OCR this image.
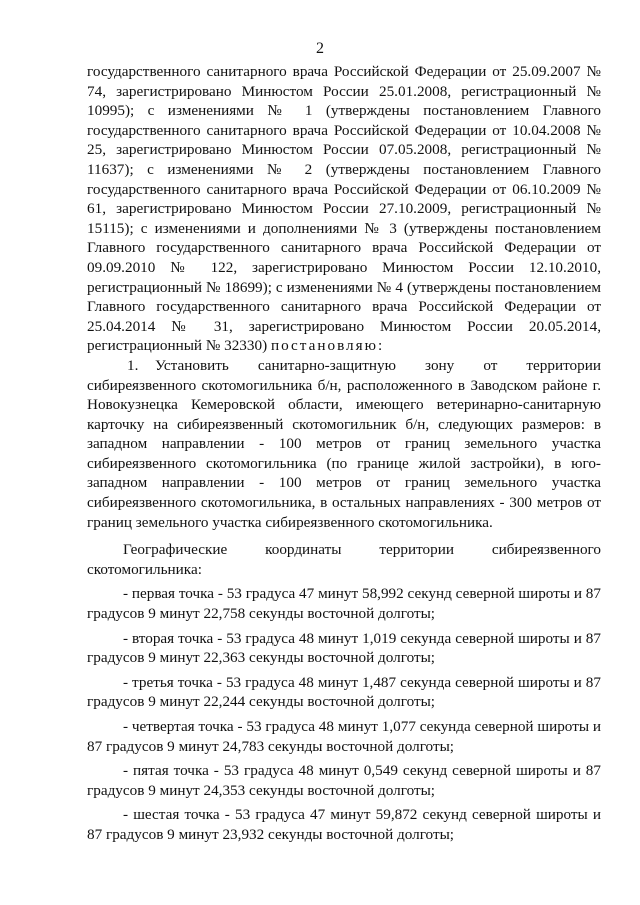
2

государственного санитарного врача Российской Федерации от 25.09.2007 № 74, зарегистрировано Минюстом России 25.01.2008, регистрационный № 10995); с изменениями № 1 (утверждены постановлением Главного государственного санитарного врача Российской Федерации от 10.04.2008 № 25, зарегистрировано Минюстом России 07.05.2008, регистрационный № 11637); с изменениями № 2 (утверждены постановлением Главного государственного санитарного врача Российской Федерации от 06.10.2009 № 61, зарегистрировано Минюстом России 27.10.2009, регистрационный № 15115); с изменениями и дополнениями № 3 (утверждены постановлением Главного государственного санитарного врача Российской Федерации от 09.09.2010 № 122, зарегистрировано Минюстом России 12.10.2010, регистрационный № 18699); с изменениями № 4 (утверждены постановлением Главного государственного санитарного врача Российской Федерации от 25.04.2014 № 31, зарегистрировано Минюстом России 20.05.2014, регистрационный № 32330) постановляю:

1. Установить санитарно-защитную зону от территории сибиреязвенного скотомогильника б/н, расположенного в Заводском районе г. Новокузнецка Кемеровской области, имеющего ветеринарно-санитарную карточку на сибиреязвенный скотомогильник б/н, следующих размеров: в западном направлении - 100 метров от границ земельного участка сибиреязвенного скотомогильника (по границе жилой застройки), в юго-западном направлении - 100 метров от границ земельного участка сибиреязвенного скотомогильника, в остальных направлениях - 300 метров от границ земельного участка сибиреязвенного скотомогильника.

Географические координаты территории сибиреязвенного скотомогильника:

- первая точка - 53 градуса 47 минут 58,992 секунд северной широты и 87 градусов 9 минут 22,758 секунды восточной долготы;

- вторая точка - 53 градуса 48 минут 1,019 секунда северной широты и 87 градусов 9 минут 22,363 секунды восточной долготы;

- третья точка - 53 градуса 48 минут 1,487 секунда северной широты и 87 градусов 9 минут 22,244 секунды восточной долготы;

- четвертая точка - 53 градуса 48 минут 1,077 секунда северной широты и 87 градусов 9 минут 24,783 секунды восточной долготы;

- пятая точка - 53 градуса 48 минут 0,549 секунд северной широты и 87 градусов 9 минут 24,353 секунды восточной долготы;

- шестая точка - 53 градуса 47 минут 59,872 секунд северной широты и 87 градусов 9 минут 23,932 секунды восточной долготы;
